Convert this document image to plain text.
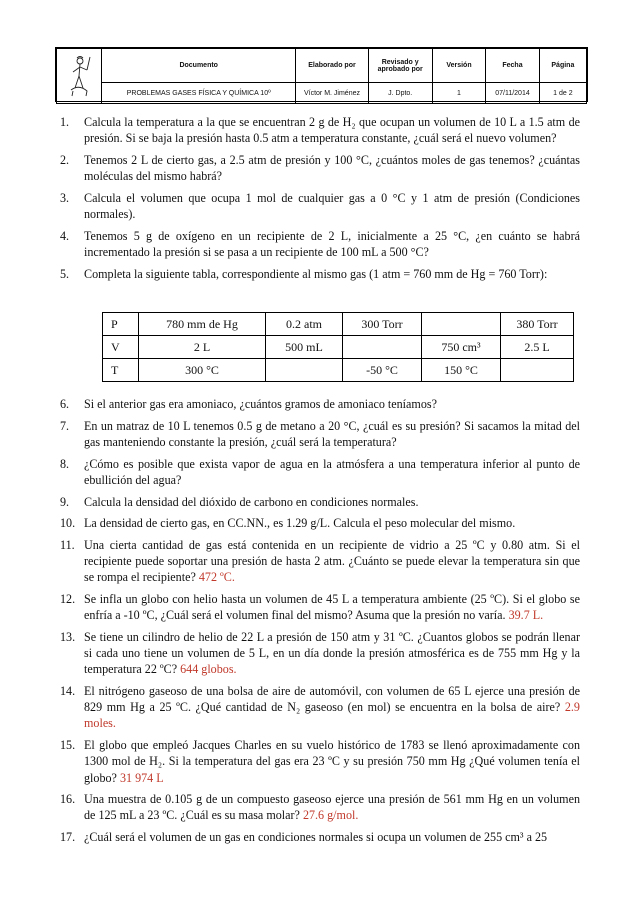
	Documento	Elaborado por	Revisado y aprobado por	Versión	Fecha	Página
	PROBLEMAS GASES FÍSICA Y QUÍMICA 10º	Víctor M. Jiménez	J. Dpto.	1	07/11/2014	1 de 2
1. Calcula la temperatura a la que se encuentran 2 g de H₂ que ocupan un volumen de 10 L a 1.5 atm de presión. Si se baja la presión hasta 0.5 atm a temperatura constante, ¿cuál será el nuevo volumen?
2. Tenemos 2 L de cierto gas, a 2.5 atm de presión y 100 °C, ¿cuántos moles de gas tenemos? ¿cuántas moléculas del mismo habrá?
3. Calcula el volumen que ocupa 1 mol de cualquier gas a 0 °C y 1 atm de presión (Condiciones normales).
4. Tenemos 5 g de oxígeno en un recipiente de 2 L, inicialmente a 25 °C, ¿en cuánto se habrá incrementado la presión si se pasa a un recipiente de 100 mL a 500 °C?
5. Completa la siguiente tabla, correspondiente al mismo gas (1 atm = 760 mm de Hg = 760 Torr):
P	780 mm de Hg	0.2 atm	300 Torr		380 Torr
V	2 L	500 mL		750 cm³	2.5 L
T	300 °C		-50 °C	150 °C	
6. Si el anterior gas era amoniaco, ¿cuántos gramos de amoniaco teníamos?
7. En un matraz de 10 L tenemos 0.5 g de metano a 20 °C, ¿cuál es su presión? Si sacamos la mitad del gas manteniendo constante la presión, ¿cuál será la temperatura?
8. ¿Cómo es posible que exista vapor de agua en la atmósfera a una temperatura inferior al punto de ebullición del agua?
9. Calcula la densidad del dióxido de carbono en condiciones normales.
10. La densidad de cierto gas, en CC.NN., es 1.29 g/L. Calcula el peso molecular del mismo.
11. Una cierta cantidad de gas está contenida en un recipiente de vidrio a 25 ºC y 0.80 atm. Si el recipiente puede soportar una presión de hasta 2 atm. ¿Cuánto se puede elevar la temperatura sin que se rompa el recipiente? 472 ºC.
12. Se infla un globo con helio hasta un volumen de 45 L a temperatura ambiente (25 ºC). Si el globo se enfría a -10 ºC, ¿Cuál será el volumen final del mismo? Asuma que la presión no varía. 39.7 L.
13. Se tiene un cilindro de helio de 22 L a presión de 150 atm y 31 ºC. ¿Cuantos globos se podrán llenar si cada uno tiene un volumen de 5 L, en un día donde la presión atmosférica es de 755 mm Hg y la temperatura 22 ºC? 644 globos.
14. El nitrógeno gaseoso de una bolsa de aire de automóvil, con volumen de 65 L ejerce una presión de 829 mm Hg a 25 ºC. ¿Qué cantidad de N₂ gaseoso (en mol) se encuentra en la bolsa de aire? 2.9 moles.
15. El globo que empleó Jacques Charles en su vuelo histórico de 1783 se llenó aproximadamente con 1300 mol de H₂. Si la temperatura del gas era 23 ºC y su presión 750 mm Hg ¿Qué volumen tenía el globo? 31 974 L
16. Una muestra de 0.105 g de un compuesto gaseoso ejerce una presión de 561 mm Hg en un volumen de 125 mL a 23 ºC. ¿Cuál es su masa molar? 27.6 g/mol.
17. ¿Cuál será el volumen de un gas en condiciones normales si ocupa un volumen de 255 cm³ a 25
